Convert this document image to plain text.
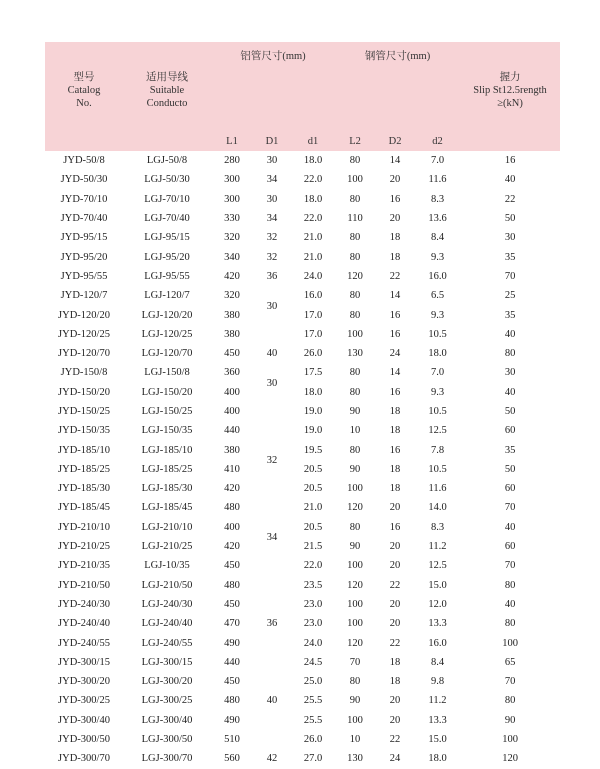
型号
Catalog
No.	适用导线
Suitable
Conducto	铝管尺寸(mm)			钢管尺寸(mm)			握力
Slip St12.5rength
≥(kN)

		L1	D1	d1	L2	D2	d2	
JYD-50/8	LGJ-50/8	280	30	18.0	80	14	7.0	16
JYD-50/30	LGJ-50/30	300	34	22.0	100	20	11.6	40
JYD-70/10	LGJ-70/10	300	30	18.0	80	16	8.3	22
JYD-70/40	LGJ-70/40	330	34	22.0	110	20	13.6	50
JYD-95/15	LGJ-95/15	320	32	21.0	80	18	8.4	30
JYD-95/20	LGJ-95/20	340	32	21.0	80	18	9.3	35
JYD-95/55	LGJ-95/55	420	36	24.0	120	22	16.0	70
JYD-120/7	LGJ-120/7	320		16.0	80	14	6.5	25
JYD-120/20	LGJ-120/20	380	30	17.0	80	16	9.3	35
JYD-120/25	LGJ-120/25	380		17.0	100	16	10.5	40
JYD-120/70	LGJ-120/70	450	40	26.0	130	24	18.0	80
JYD-150/8	LGJ-150/8	360		17.5	80	14	7.0	30
JYD-150/20	LGJ-150/20	400	30	18.0	80	16	9.3	40
JYD-150/25	LGJ-150/25	400		19.0	90	18	10.5	50
JYD-150/35	LGJ-150/35	440		19.0	10	18	12.5	60
JYD-185/10	LGJ-185/10	380		19.5	80	16	7.8	35
JYD-185/25	LGJ-185/25	410	32	20.5	90	18	10.5	50
JYD-185/30	LGJ-185/30	420		20.5	100	18	11.6	60
JYD-185/45	LGJ-185/45	480		21.0	120	20	14.0	70
JYD-210/10	LGJ-210/10	400		20.5	80	16	8.3	40
JYD-210/25	LGJ-210/25	420	34	21.5	90	20	11.2	60
JYD-210/35	LGJ-10/35	450		22.0	100	20	12.5	70
JYD-210/50	LGJ-210/50	480		23.5	120	22	15.0	80
JYD-240/30	LGJ-240/30	450		23.0	100	20	12.0	40
JYD-240/40	LGJ-240/40	470	36	23.0	100	20	13.3	80
JYD-240/55	LGJ-240/55	490		24.0	120	22	16.0	100
JYD-300/15	LGJ-300/15	440		24.5	70	18	8.4	65
JYD-300/20	LGJ-300/20	450		25.0	80	18	9.8	70
JYD-300/25	LGJ-300/25	480	40	25.5	90	20	11.2	80
JYD-300/40	LGJ-300/40	490		25.5	100	20	13.3	90
JYD-300/50	LGJ-300/50	510		26.0	10	22	15.0	100
JYD-300/70	LGJ-300/70	560	42	27.0	130	24	18.0	120
